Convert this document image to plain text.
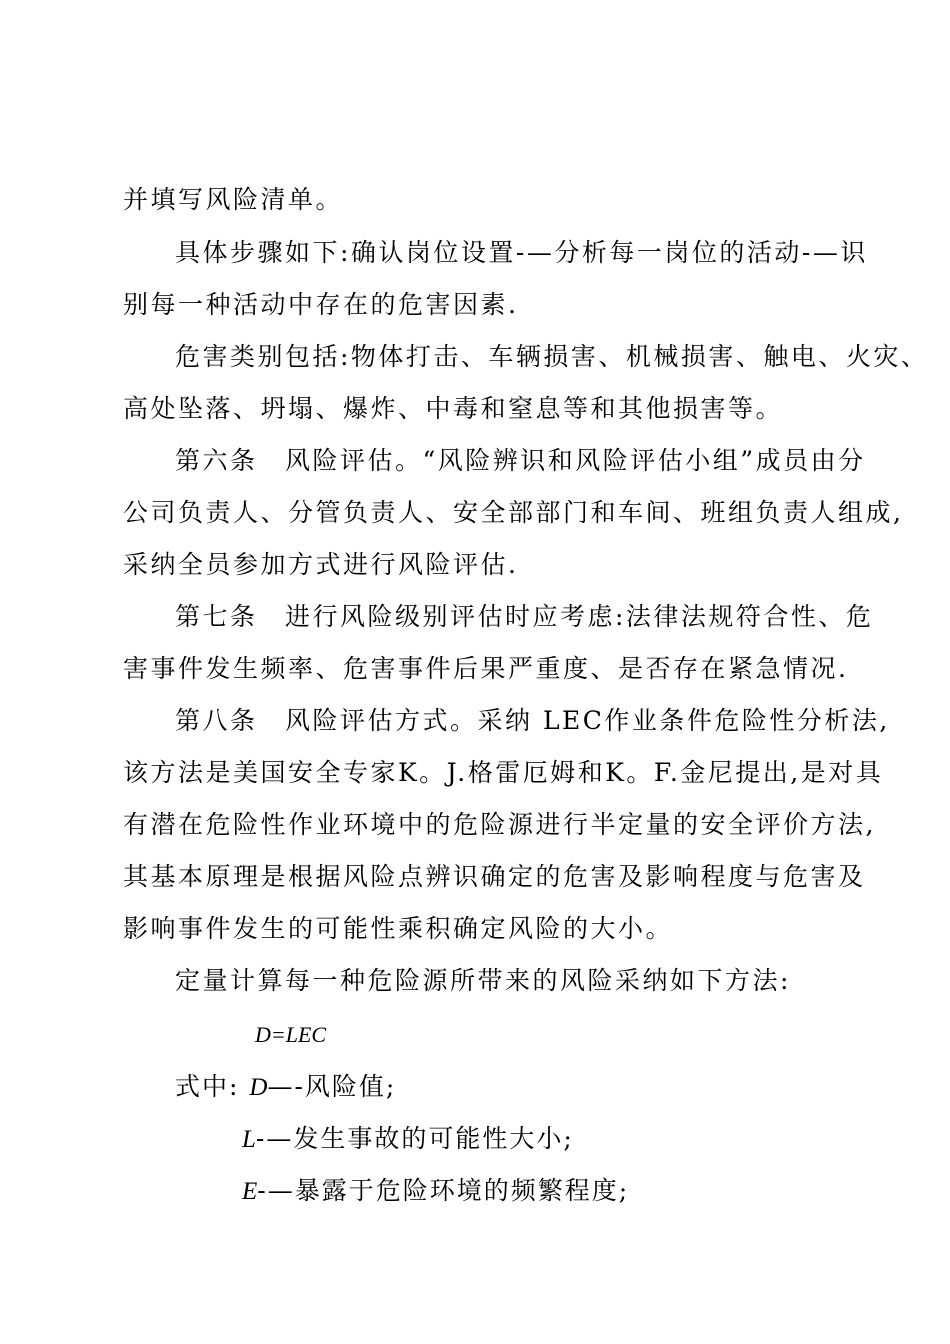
并填写风险清单。
具体步骤如下:确认岗位设置-—分析每一岗位的活动-—识
别每一种活动中存在的危害因素.
危害类别包括:物体打击、车辆损害、机械损害、触电、火灾、
高处坠落、坍塌、爆炸、中毒和窒息等和其他损害等。
第六条　风险评估。“风险辨识和风险评估小组”成员由分
公司负责人、分管负责人、安全部部门和车间、班组负责人组成,
采纳全员参加方式进行风险评估.
第七条　进行风险级别评估时应考虑:法律法规符合性、危
害事件发生频率、危害事件后果严重度、是否存在紧急情况.
第八条　风险评估方式。采纳 LEC作业条件危险性分析法,
该方法是美国安全专家K。J.格雷厄姆和K。F.金尼提出,是对具
有潜在危险性作业环境中的危险源进行半定量的安全评价方法,
其基本原理是根据风险点辨识确定的危害及影响程度与危害及
影响事件发生的可能性乘积确定风险的大小。
定量计算每一种危险源所带来的风险采纳如下方法:
D=LEC
式中: D—-风险值;
L-—发生事故的可能性大小;
E-—暴露于危险环境的频繁程度;
